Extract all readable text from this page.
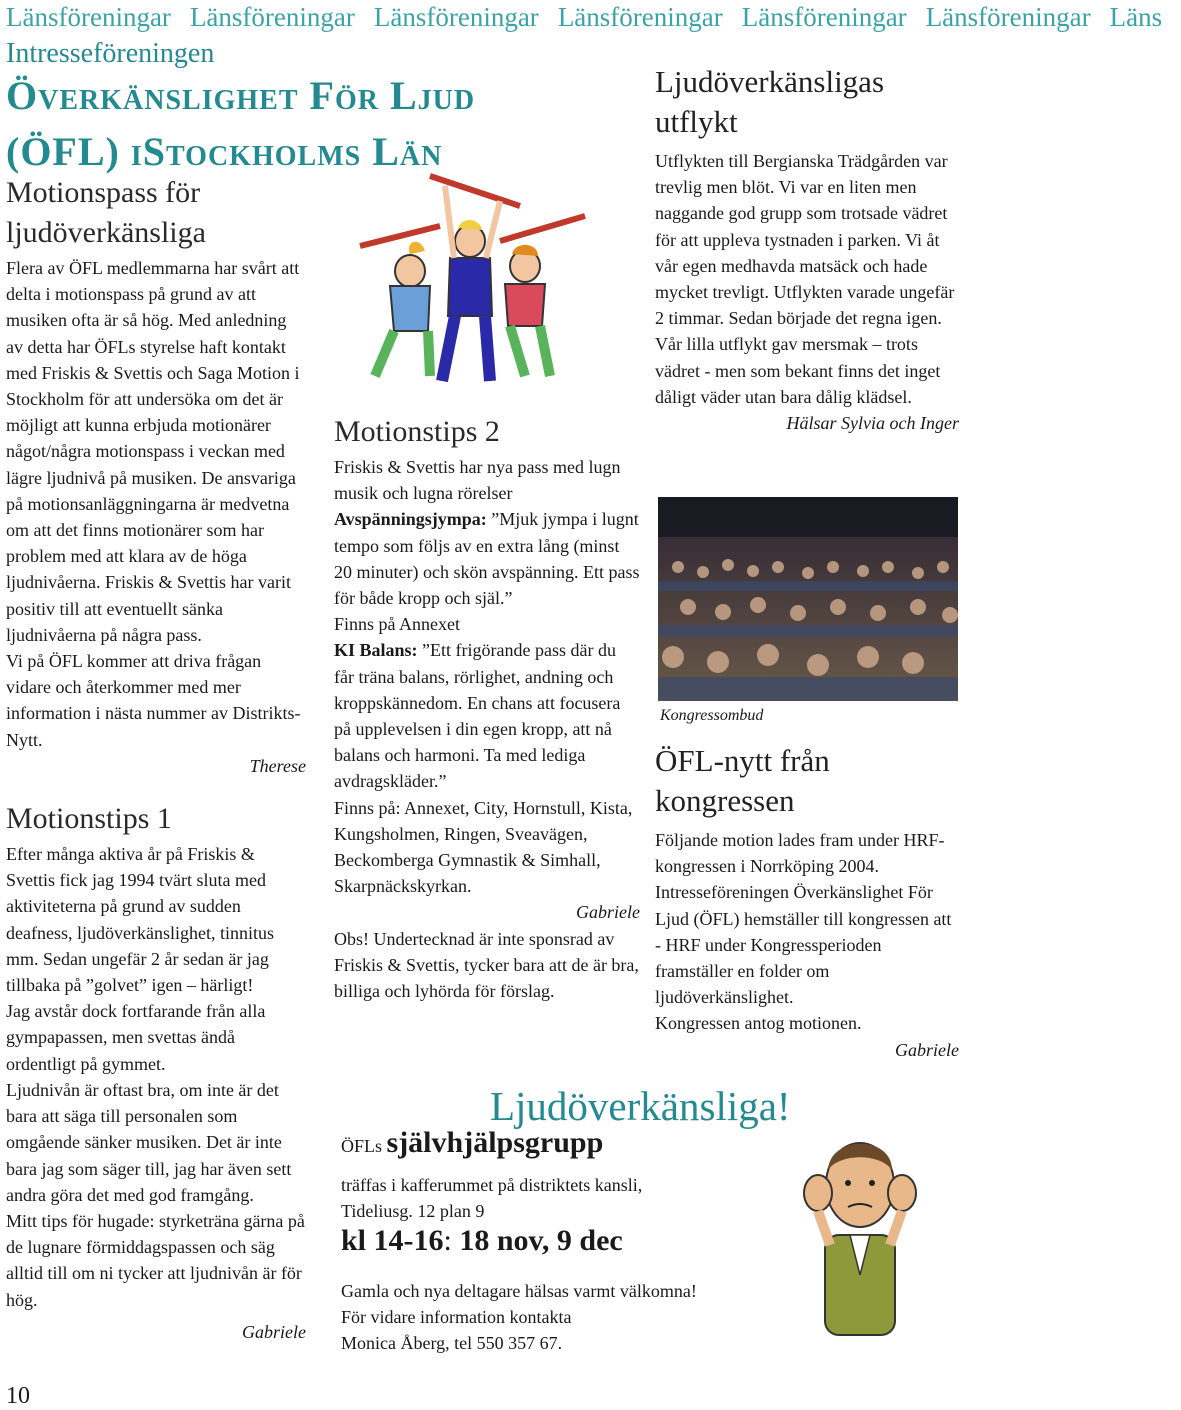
Länsföreningar Länsföreningar Länsföreningar Länsföreningar Länsföreningar Länsföreningar Läns
Intresseföreningen
Överkänslighet För Ljud
(ÖFL) iStockholms Län
Motionspass för ljudöverkänsliga

Flera av ÖFL medlemmarna har svårt att delta i motionspass på grund av att musiken ofta är så hög. Med anledning av detta har ÖFLs styrelse haft kontakt med Friskis & Svettis och Saga Motion i Stockholm för att undersöka om det är möjligt att kunna erbjuda motionärer något/några motionspass i veckan med lägre ljudnivå på musiken. De ansvariga på motionsanläggningarna är medvetna om att det finns motionärer som har problem med att klara av de höga ljudnivåerna. Friskis & Svettis har varit positiv till att eventuellt sänka ljudnivåerna på några pass.

Vi på ÖFL kommer att driva frågan vidare och återkommer med mer information i nästa nummer av Distrikts-Nytt.

Therese

Motionstips 1

Efter många aktiva år på Friskis & Svettis fick jag 1994 tvärt sluta med aktiviteterna på grund av sudden deafness, ljudöverkänslighet, tinnitus mm. Sedan ungefär 2 år sedan är jag tillbaka på ”golvet” igen – härligt!

Jag avstår dock fortfarande från alla gympapassen, men svettas ändå ordentligt på gymmet.

Ljudnivån är oftast bra, om inte är det bara att säga till personalen som omgående sänker musiken. Det är inte bara jag som säger till, jag har även sett andra göra det med god framgång.

Mitt tips för hugade: styrketräna gärna på de lugnare förmiddagspassen och säg alltid till om ni tycker att ljudnivån är för hög.

Gabriele

Motionstips 2

Friskis & Svettis har nya pass med lugn musik och lugna rörelser

Avspänningsjympa: ”Mjuk jympa i lugnt tempo som följs av en extra lång (minst 20 minuter) och skön avspänning. Ett pass för både kropp och själ.”

Finns på Annexet

KI Balans: ”Ett frigörande pass där du får träna balans, rörlighet, andning och kroppskännedom. En chans att focusera på upplevelsen i din egen kropp, att nå balans och harmoni. Ta med lediga avdragskläder.”

Finns på: Annexet, City, Hornstull, Kista, Kungsholmen, Ringen, Sveavägen, Beckomberga Gymnastik & Simhall, Skarpnäckskyrkan.

Gabriele

Obs! Undertecknad är inte sponsrad av Friskis & Svettis, tycker bara att de är bra, billiga och lyhörda för förslag.

Ljudöverkänsligas utflykt

Utflykten till Bergianska Trädgården var trevlig men blöt. Vi var en liten men naggande god grupp som trotsade vädret för att uppleva tystnaden i parken. Vi åt vår egen medhavda matsäck och hade mycket trevligt. Utflykten varade ungefär 2 timmar. Sedan började det regna igen. Vår lilla utflykt gav mersmak – trots vädret - men som bekant finns det inget dåligt väder utan bara dålig klädsel.

Hälsar Sylvia och Inger

Kongressombud
ÖFL-nytt från kongressen

Följande motion lades fram under HRF-kongressen i Norrköping 2004. Intresseföreningen Överkänslighet För Ljud (ÖFL) hemställer till kongressen att - HRF under Kongressperioden framställer en folder om ljudöverkänslighet.

Kongressen antog motionen.

Gabriele

Ljudöverkänsliga!
ÖFLs självhjälpsgrupp
träffas i kafferummet på distriktets kansli,
Tideliusg. 12 plan 9
kl 14-16: 18 nov, 9 dec
Gamla och nya deltagare hälsas varmt välkomna!
För vidare information kontakta
Monica Åberg, tel 550 357 67.
10
